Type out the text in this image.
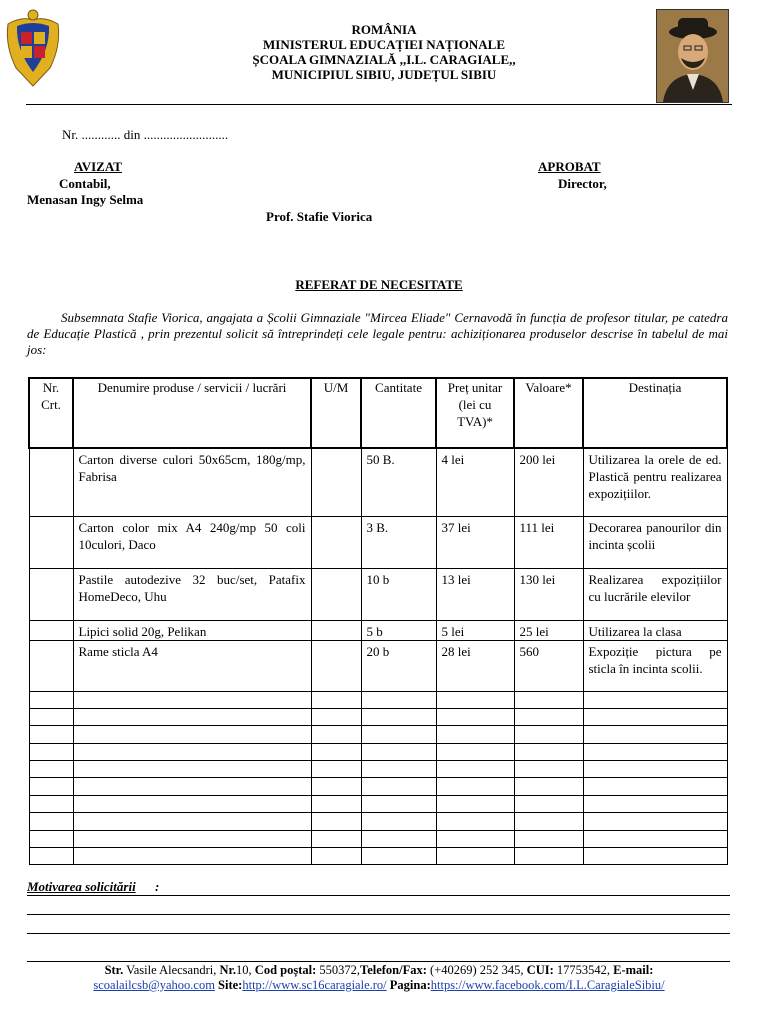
ROMÂNIA
MINISTERUL EDUCAȚIEI NAȚIONALE
ȘCOALA GIMNAZIALĂ ,,I.L. CARAGIALE,,
MUNICIPIUL SIBIU, JUDEȚUL SIBIU
Nr. ............ din ..........................
AVIZAT
Contabil,
Menasan Ingy Selma
APROBAT
Director,
Prof. Stafie Viorica
REFERAT DE NECESITATE
Subsemnata Stafie Viorica, angajata a Școlii Gimnaziale "Mircea Eliade" Cernavodă în funcția de profesor titular, pe catedra de Educație Plastică , prin prezentul solicit să întreprindeți cele legale pentru: achiziționarea produselor descrise în tabelul de mai jos:
Nr. Crt.	Denumire produse / servicii / lucrări	U/M	Cantitate	Preț unitar (lei cu TVA)*	Valoare*	Destinația
	Carton diverse culori 50x65cm, 180g/mp, Fabrisa		50 B.	4 lei	200 lei	Utilizarea la orele de ed. Plastică pentru realizarea expozițiilor.
	Carton color mix A4 240g/mp 50 coli 10culori, Daco		3 B.	37 lei	111 lei	Decorarea panourilor din incinta școlii
	Pastile autodezive 32 buc/set, Patafix HomeDeco, Uhu		10 b	13 lei	130 lei	Realizarea expozițiilor cu lucrările elevilor
	Lipici solid 20g, Pelikan		5 b	5 lei	25 lei	Utilizarea la clasa
	Rame sticla A4		20 b	28 lei	560	Expoziție pictura pe sticla în incinta scolii.

Motivarea solicitării :
Str. Vasile Alecsandri, Nr.10, Cod poștal: 550372,Telefon/Fax: (+40269) 252 345, CUI: 17753542, E-mail:
scoalailcsb@yahoo.com Site:http://www.sc16caragiale.ro/ Pagina:https://www.facebook.com/I.L.CaragialeSibiu/
